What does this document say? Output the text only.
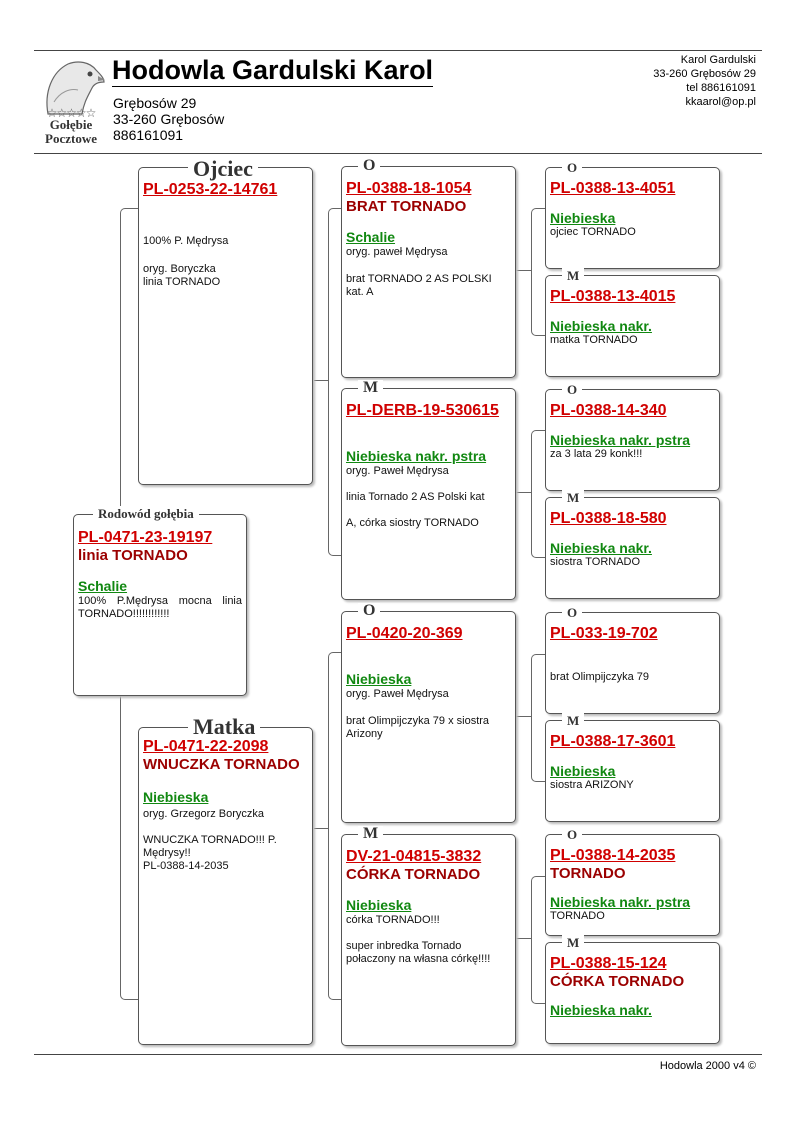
☆☆☆☆☆
Gołębie
Pocztowe
Hodowla Gardulski Karol
Grębosów 29
33-260 Grębosów
886161091
Karol Gardulski
33-260 Grębosów 29
tel 886161091
kkaarol@op.pl
PL-0471-23-19197
linia TORNADO
Schalie
100% P.Mędrysa mocna linia TORNADO!!!!!!!!!!!!
Rodowód gołębia
PL-0253-22-14761
100% P. Mędrysa
oryg. Boryczka
linia TORNADO
Ojciec
PL-0471-22-2098
WNUCZKA TORNADO
Niebieska
oryg. Grzegorz Boryczka
WNUCZKA TORNADO!!! P. Mędrysy!!
PL-0388-14-2035
Matka
PL-0388-18-1054
BRAT TORNADO
Schalie
oryg. paweł Mędrysa
brat TORNADO 2 AS POLSKI kat. A
O
PL-DERB-19-530615
Niebieska nakr. pstra
oryg. Paweł Mędrysa
linia Tornado 2 AS Polski kat
A, córka siostry TORNADO
M
PL-0420-20-369
Niebieska
oryg. Paweł Mędrysa
brat Olimpijczyka 79 x siostra Arizony
O
DV-21-04815-3832
CÓRKA TORNADO
Niebieska
córka TORNADO!!!
super inbredka Tornado połaczony na własna córkę!!!!
M
PL-0388-13-4051
Niebieska
ojciec TORNADO
O
PL-0388-13-4015
Niebieska nakr.
matka TORNADO
M
PL-0388-14-340
Niebieska nakr. pstra
za 3 lata 29 konk!!!
O
PL-0388-18-580
Niebieska nakr.
siostra TORNADO
M
PL-033-19-702
brat Olimpijczyka 79
O
PL-0388-17-3601
Niebieska
siostra ARIZONY
M
PL-0388-14-2035
TORNADO
Niebieska nakr. pstra
TORNADO
O
PL-0388-15-124
CÓRKA TORNADO
Niebieska nakr.
M
Hodowla 2000 v4 ©
